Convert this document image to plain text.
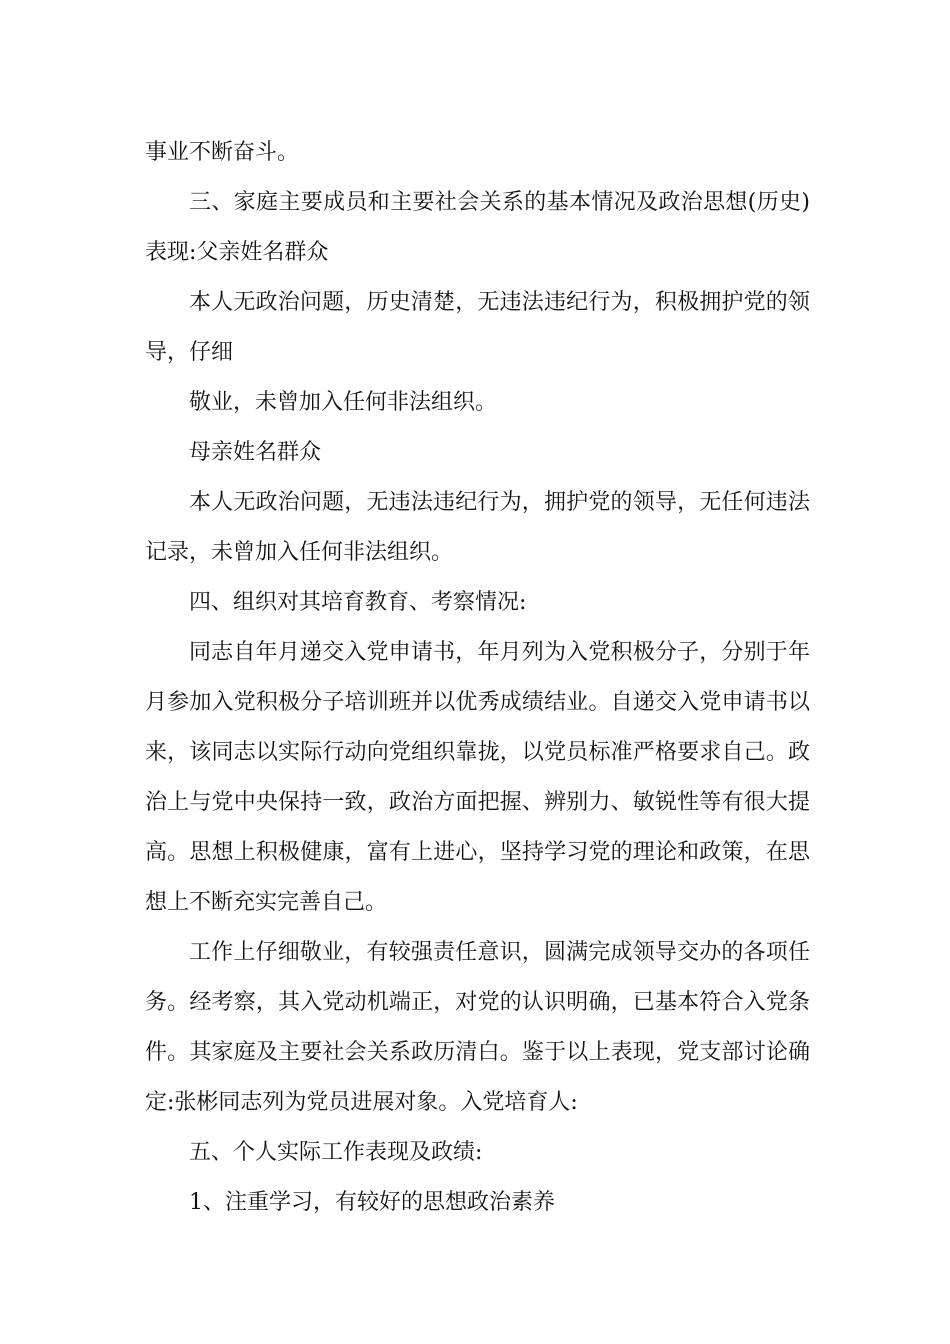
事业不断奋斗。

三、家庭主要成员和主要社会关系的基本情况及政治思想(历史)表现:父亲姓名群众

本人无政治问题，历史清楚，无违法违纪行为，积极拥护党的领导，仔细

敬业，未曾加入任何非法组织。

母亲姓名群众

本人无政治问题，无违法违纪行为，拥护党的领导，无任何违法记录，未曾加入任何非法组织。

四、组织对其培育教育、考察情况:

同志自年月递交入党申请书，年月列为入党积极分子，分别于年月参加入党积极分子培训班并以优秀成绩结业。自递交入党申请书以来，该同志以实际行动向党组织靠拢，以党员标准严格要求自己。政治上与党中央保持一致，政治方面把握、辨别力、敏锐性等有很大提高。思想上积极健康，富有上进心，坚持学习党的理论和政策，在思想上不断充实完善自己。

工作上仔细敬业，有较强责任意识，圆满完成领导交办的各项任务。经考察，其入党动机端正，对党的认识明确，已基本符合入党条件。其家庭及主要社会关系政历清白。鉴于以上表现，党支部讨论确定:张彬同志列为党员进展对象。入党培育人:

五、个人实际工作表现及政绩:

1、注重学习，有较好的思想政治素养
